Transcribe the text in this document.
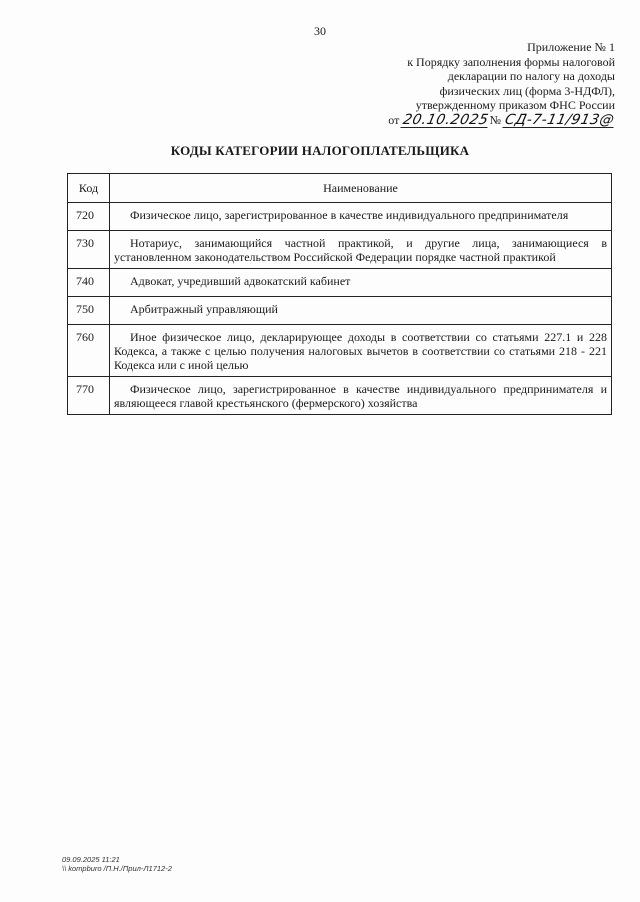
30
Приложение № 1
к Порядку заполнения формы налоговой
декларации по налогу на доходы
физических лиц (форма 3-НДФЛ),
утвержденному приказом ФНС России
от 20.10.2025№ СД-7-11/913@
КОДЫ КАТЕГОРИИ НАЛОГОПЛАТЕЛЬЩИКА
Код	Наименование
720	Физическое лицо, зарегистрированное в качестве индивидуального предпринимателя
730	Нотариус, занимающийся частной практикой, и другие лица, занимающиеся в установленном законодательством Российской Федерации порядке частной практикой
740	Адвокат, учредивший адвокатский кабинет
750	Арбитражный управляющий
760	Иное физическое лицо, декларирующее доходы в соответствии со статьями 227.1 и 228 Кодекса, а также с целью получения налоговых вычетов в соответствии со статьями 218 - 221 Кодекса или с иной целью
770	Физическое лицо, зарегистрированное в качестве индивидуального предпринимателя и являющееся главой крестьянского (фермерского) хозяйства
09.09.2025 11:21
\\ kompburo /П.Н./Прил-Л1712-2
